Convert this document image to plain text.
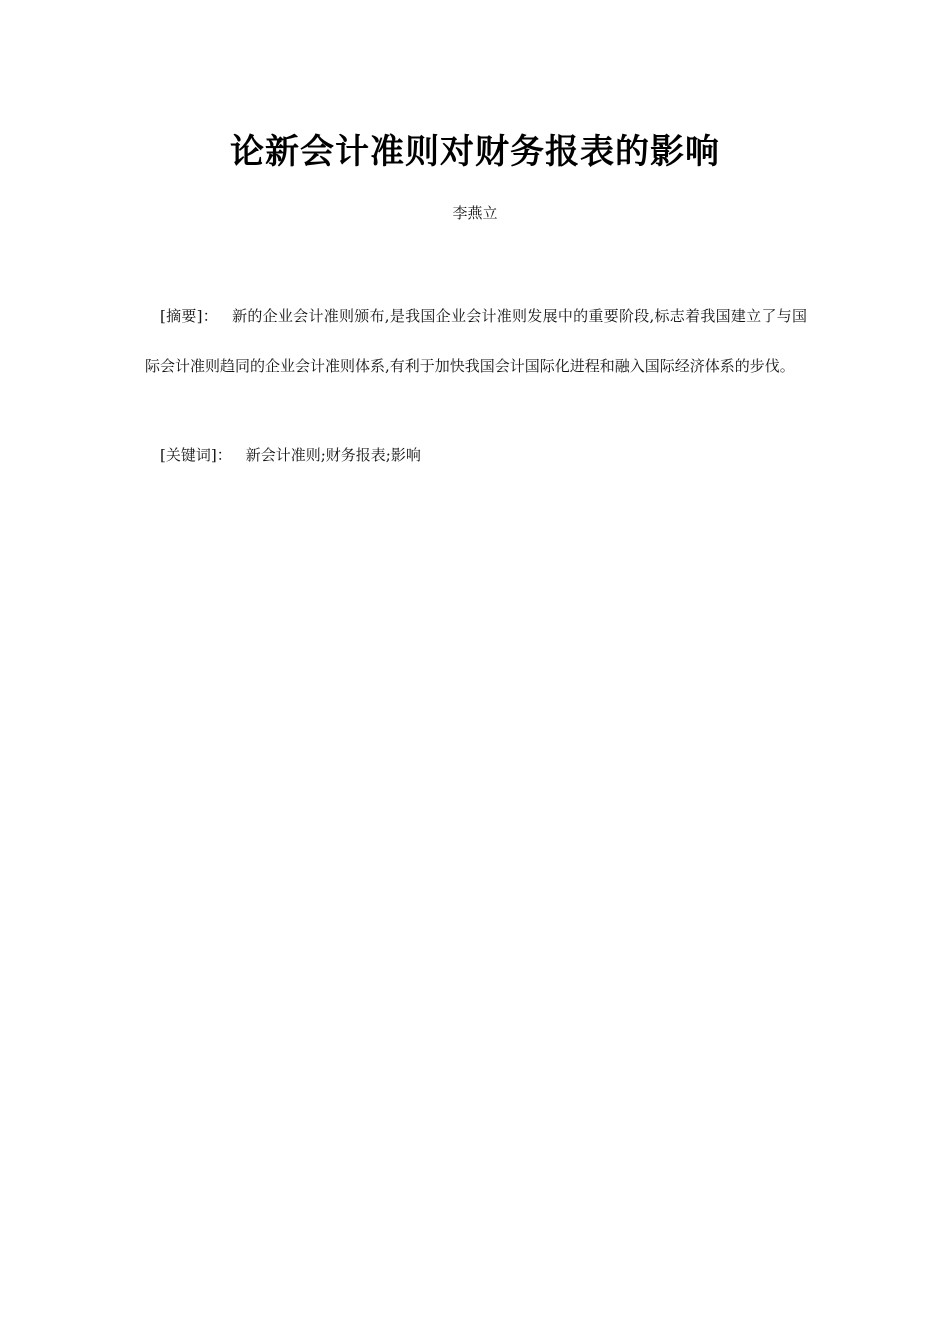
论新会计准则对财务报表的影响
李燕立
[摘要]： 新的企业会计准则颁布,是我国企业会计准则发展中的重要阶段,标志着我国建立了与国际会计准则趋同的企业会计准则体系,有利于加快我国会计国际化进程和融入国际经济体系的步伐。
[关键词]： 新会计准则;财务报表;影响
